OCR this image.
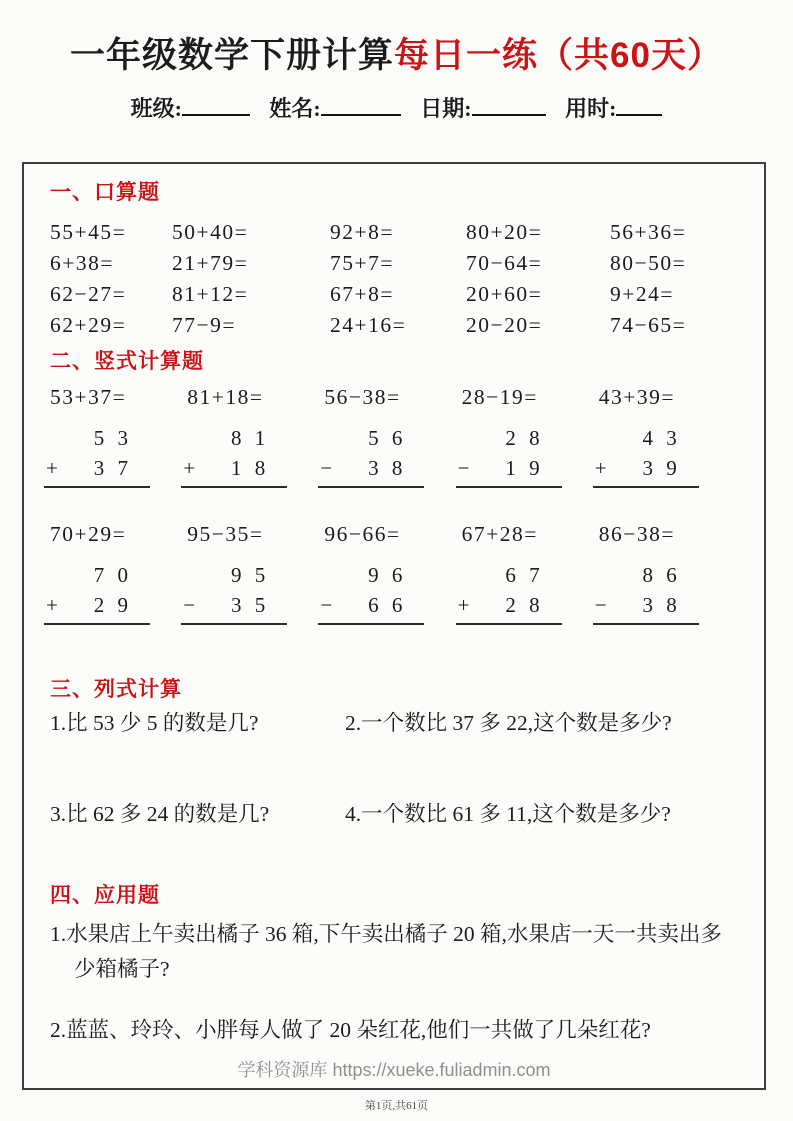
一年级数学下册计算每日一练（共60天）
班级:	姓名:	日期:	用时:
一、口算题
55+45=	50+40=	92+8=	80+20=	56+36=
6+38=	21+79=	75+7=	70−64=	80−50=
62−27=	81+12=	67+8=	20+60=	9+24=
62+29=	77−9=	24+16=	20−20=	74−65=
二、竖式计算题
53+37=
5 3
+ 3 7
81+18=
8 1
+ 1 8
56−38=
5 6
− 3 8
28−19=
2 8
− 1 9
43+39=
4 3
+ 3 9
70+29=
7 0
+ 2 9
95−35=
9 5
− 3 5
96−66=
9 6
− 6 6
67+28=
6 7
+ 2 8
86−38=
8 6
− 3 8
三、列式计算
1.比 53 少 5 的数是几?	2.一个数比 37 多 22,这个数是多少?
3.比 62 多 24 的数是几?	4.一个数比 61 多 11,这个数是多少?
四、应用题

1.水果店上午卖出橘子 36 箱,下午卖出橘子 20 箱,水果店一天一共卖出多少箱橘子?

2.蓝蓝、玲玲、小胖每人做了 20 朵红花,他们一共做了几朵红花?

学科资源库 https://xueke.fuliadmin.com
第1页,共61页
